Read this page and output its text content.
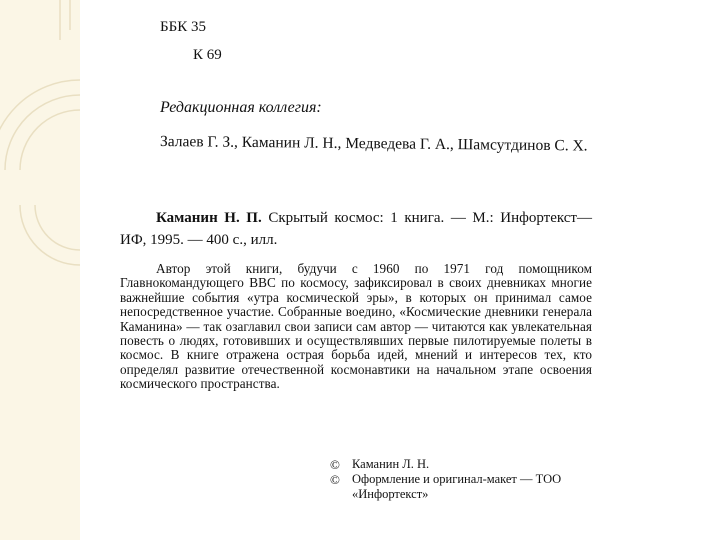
ББК 35
К 69
Редакционная коллегия:
Залаев Г. З., Каманин Л. Н., Медведева Г. А., Шамсутдинов С. Х.
Каманин Н. П. Скрытый космос: 1 книга. — М.: Инфортекст—ИФ, 1995. — 400 с., илл.
Автор этой книги, будучи с 1960 по 1971 год помощником Главнокомандующего ВВС по космосу, зафиксировал в своих дневниках многие важнейшие события «утра космической эры», в которых он принимал самое непосредственное участие. Собранные воедино, «Космические дневники генерала Каманина» — так озаглавил свои записи сам автор — читаются как увлекательная повесть о людях, готовивших и осуществлявших первые пилотируемые полеты в космос. В книге отражена острая борьба идей, мнений и интересов тех, кто определял развитие отечественной космонавтики на начальном этапе освоения космического пространства.
© Каманин Л. Н.
© Оформление и оригинал-макет — ТОО «Инфортекст»
